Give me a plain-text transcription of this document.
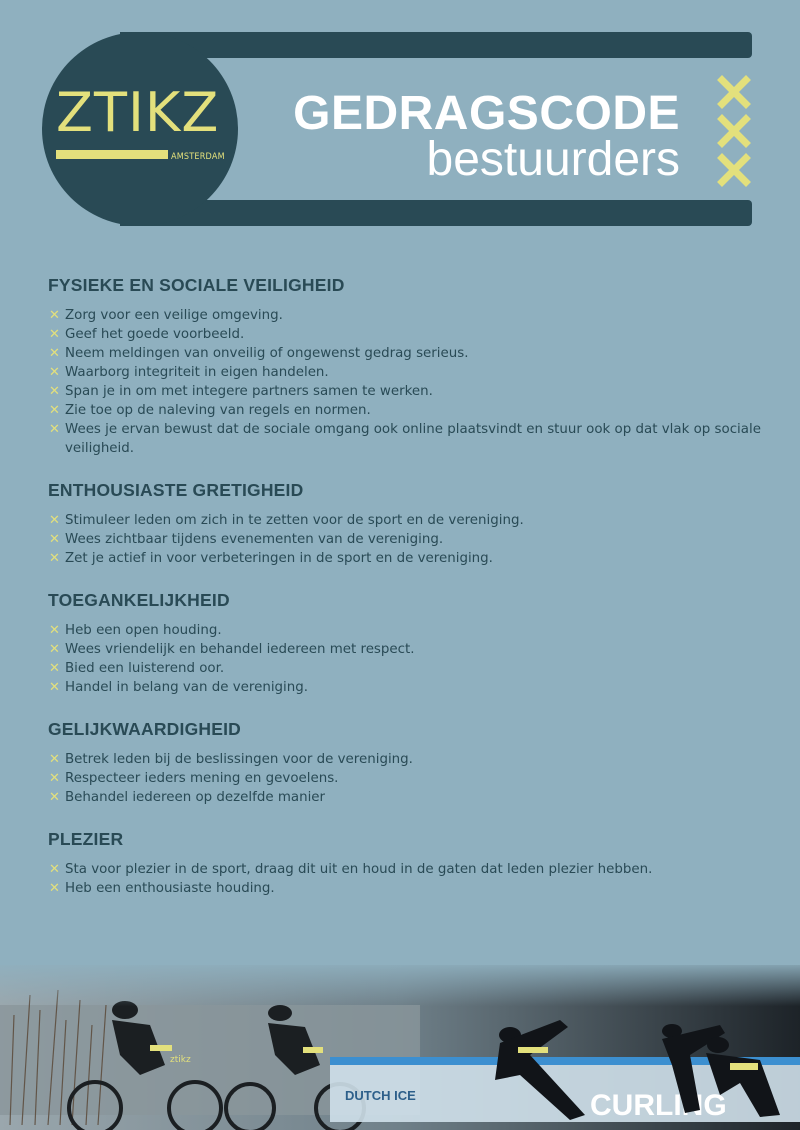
ZTIKZ
AMSTERDAM
GEDRAGSCODE
bestuurders
FYSIEKE EN SOCIALE VEILIGHEID
✕ Zorg voor een veilige omgeving.
✕ Geef het goede voorbeeld.
✕ Neem meldingen van onveilig of ongewenst gedrag serieus.
✕ Waarborg integriteit in eigen handelen.
✕ Span je in om met integere partners samen te werken.
✕ Zie toe op de naleving van regels en normen.
✕ Wees je ervan bewust dat de sociale omgang ook online plaatsvindt en stuur ook op dat vlak op sociale veiligheid.
ENTHOUSIASTE GRETIGHEID
✕ Stimuleer leden om zich in te zetten voor de sport en de vereniging.
✕ Wees zichtbaar tijdens evenementen van de vereniging.
✕ Zet je actief in voor verbeteringen in de sport en de vereniging.
TOEGANKELIJKHEID
✕ Heb een open houding.
✕ Wees vriendelijk en behandel iedereen met respect.
✕ Bied een luisterend oor.
✕ Handel in belang van de vereniging.
GELIJKWAARDIGHEID
✕ Betrek leden bij de beslissingen voor de vereniging.
✕ Respecteer ieders mening en gevoelens.
✕ Behandel iedereen op dezelfde manier
PLEZIER
✕ Sta voor plezier in de sport, draag dit uit en houd in de gaten dat leden plezier hebben.
✕ Heb een enthousiaste houding.
